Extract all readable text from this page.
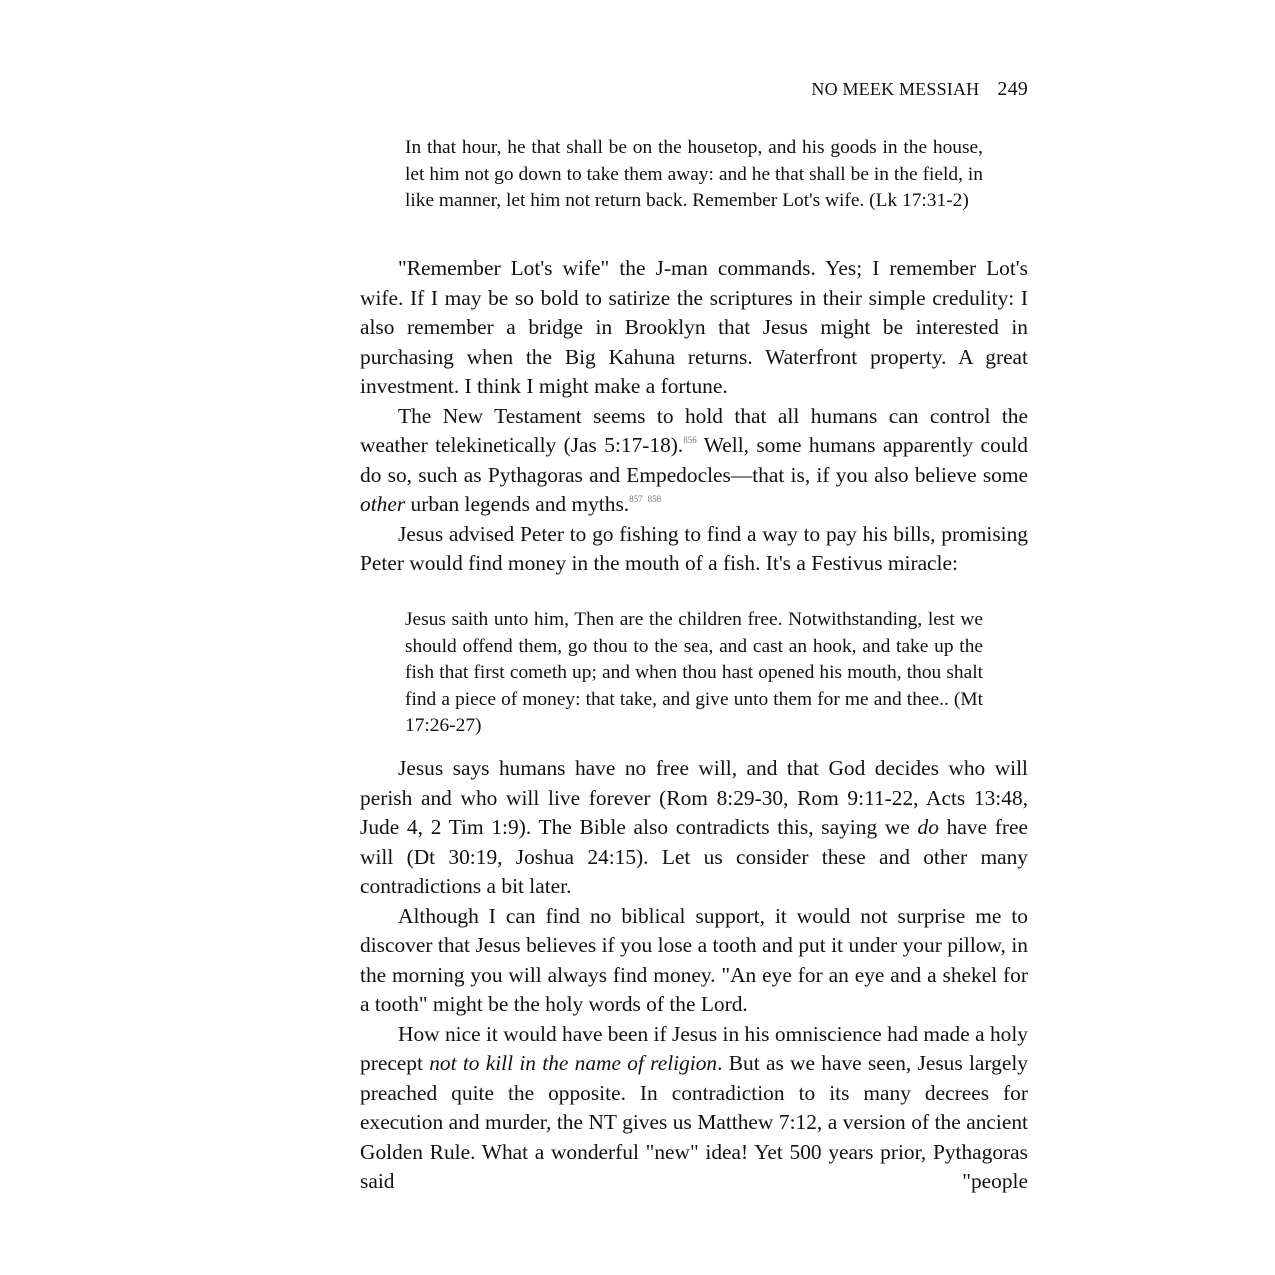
NO MEEK MESSIAH 249
In that hour, he that shall be on the housetop, and his goods in the house, let him not go down to take them away: and he that shall be in the field, in like manner, let him not return back. Remember Lot's wife. (Lk 17:31-2)

"Remember Lot's wife" the J-man commands. Yes; I remember Lot's wife. If I may be so bold to satirize the scriptures in their simple credulity: I also remember a bridge in Brooklyn that Jesus might be interested in purchasing when the Big Kahuna returns. Waterfront property. A great investment. I think I might make a fortune.

The New Testament seems to hold that all humans can control the weather telekinetically (Jas 5:17-18).$^{856}$ Well, some humans apparently could do so, such as Pythagoras and Empedocles—that is, if you also believe some other urban legends and myths.$^{857}$ $^{858}$

Jesus advised Peter to go fishing to find a way to pay his bills, promising Peter would find money in the mouth of a fish. It's a Festivus miracle:

Jesus saith unto him, Then are the children free. Notwithstanding, lest we should offend them, go thou to the sea, and cast an hook, and take up the fish that first cometh up; and when thou hast opened his mouth, thou shalt find a piece of money: that take, and give unto them for me and thee.. (Mt 17:26-27)

Jesus says humans have no free will, and that God decides who will perish and who will live forever (Rom 8:29-30, Rom 9:11-22, Acts 13:48, Jude 4, 2 Tim 1:9). The Bible also contradicts this, saying we do have free will (Dt 30:19, Joshua 24:15). Let us consider these and other many contradictions a bit later.

Although I can find no biblical support, it would not surprise me to discover that Jesus believes if you lose a tooth and put it under your pillow, in the morning you will always find money. "An eye for an eye and a shekel for a tooth" might be the holy words of the Lord.

How nice it would have been if Jesus in his omniscience had made a holy precept not to kill in the name of religion. But as we have seen, Jesus largely preached quite the opposite. In contradiction to its many decrees for execution and murder, the NT gives us Matthew 7:12, a version of the ancient Golden Rule. What a wonderful "new" idea! Yet 500 years prior, Pythagoras said "people
